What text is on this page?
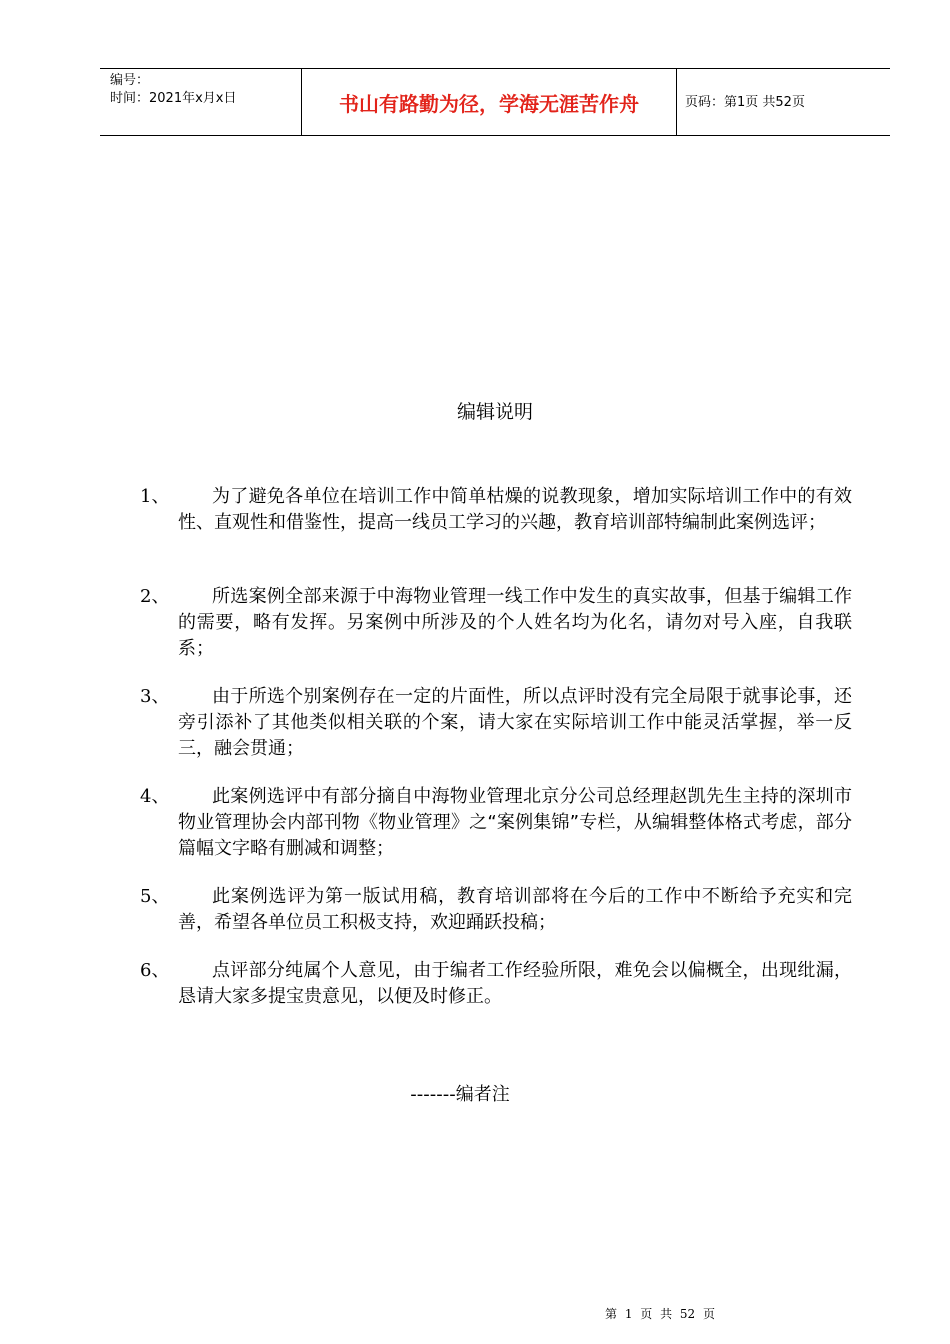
编号：
时间：2021年x月x日	书山有路勤为径，学海无涯苦作舟	页码：第1页 共52页
编辑说明
1、	为了避免各单位在培训工作中简单枯燥的说教现象，增加实际培训工作中的有效性、直观性和借鉴性，提高一线员工学习的兴趣，教育培训部特编制此案例选评；
2、	所选案例全部来源于中海物业管理一线工作中发生的真实故事，但基于编辑工作的需要，略有发挥。另案例中所涉及的个人姓名均为化名，请勿对号入座，自我联系；
3、	由于所选个别案例存在一定的片面性，所以点评时没有完全局限于就事论事，还旁引添补了其他类似相关联的个案，请大家在实际培训工作中能灵活掌握，举一反三，融会贯通；
4、	此案例选评中有部分摘自中海物业管理北京分公司总经理赵凯先生主持的深圳市物业管理协会内部刊物《物业管理》之“案例集锦”专栏，从编辑整体格式考虑，部分篇幅文字略有删减和调整；
5、	此案例选评为第一版试用稿，教育培训部将在今后的工作中不断给予充实和完善，希望各单位员工积极支持，欢迎踊跃投稿；
6、	点评部分纯属个人意见，由于编者工作经验所限，难免会以偏概全，出现纰漏，恳请大家多提宝贵意见，以便及时修正。
-------编者注
第 1 页 共 52 页
